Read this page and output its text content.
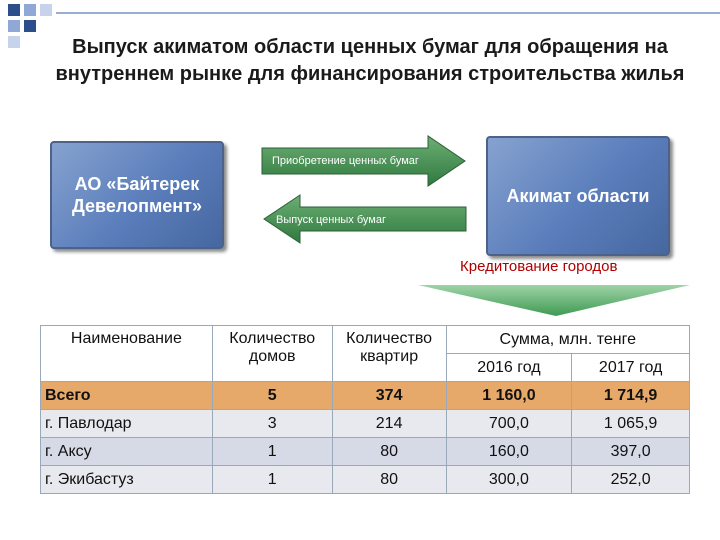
Выпуск акиматом области ценных бумаг для обращения на внутреннем рынке для финансирования строительства жилья
АО «Байтерек Девелопмент»	Акимат области
Приобретение ценных бумаг
Выпуск ценных бумаг
Кредитование городов
Наименование	Количество домов	Количество квартир	Сумма, млн. тенге	
			2016 год	2017 год
Всего	5	374	1 160,0	1 714,9
г. Павлодар	3	214	700,0	1 065,9
г. Аксу	1	80	160,0	397,0
г. Экибастуз	1	80	300,0	252,0
